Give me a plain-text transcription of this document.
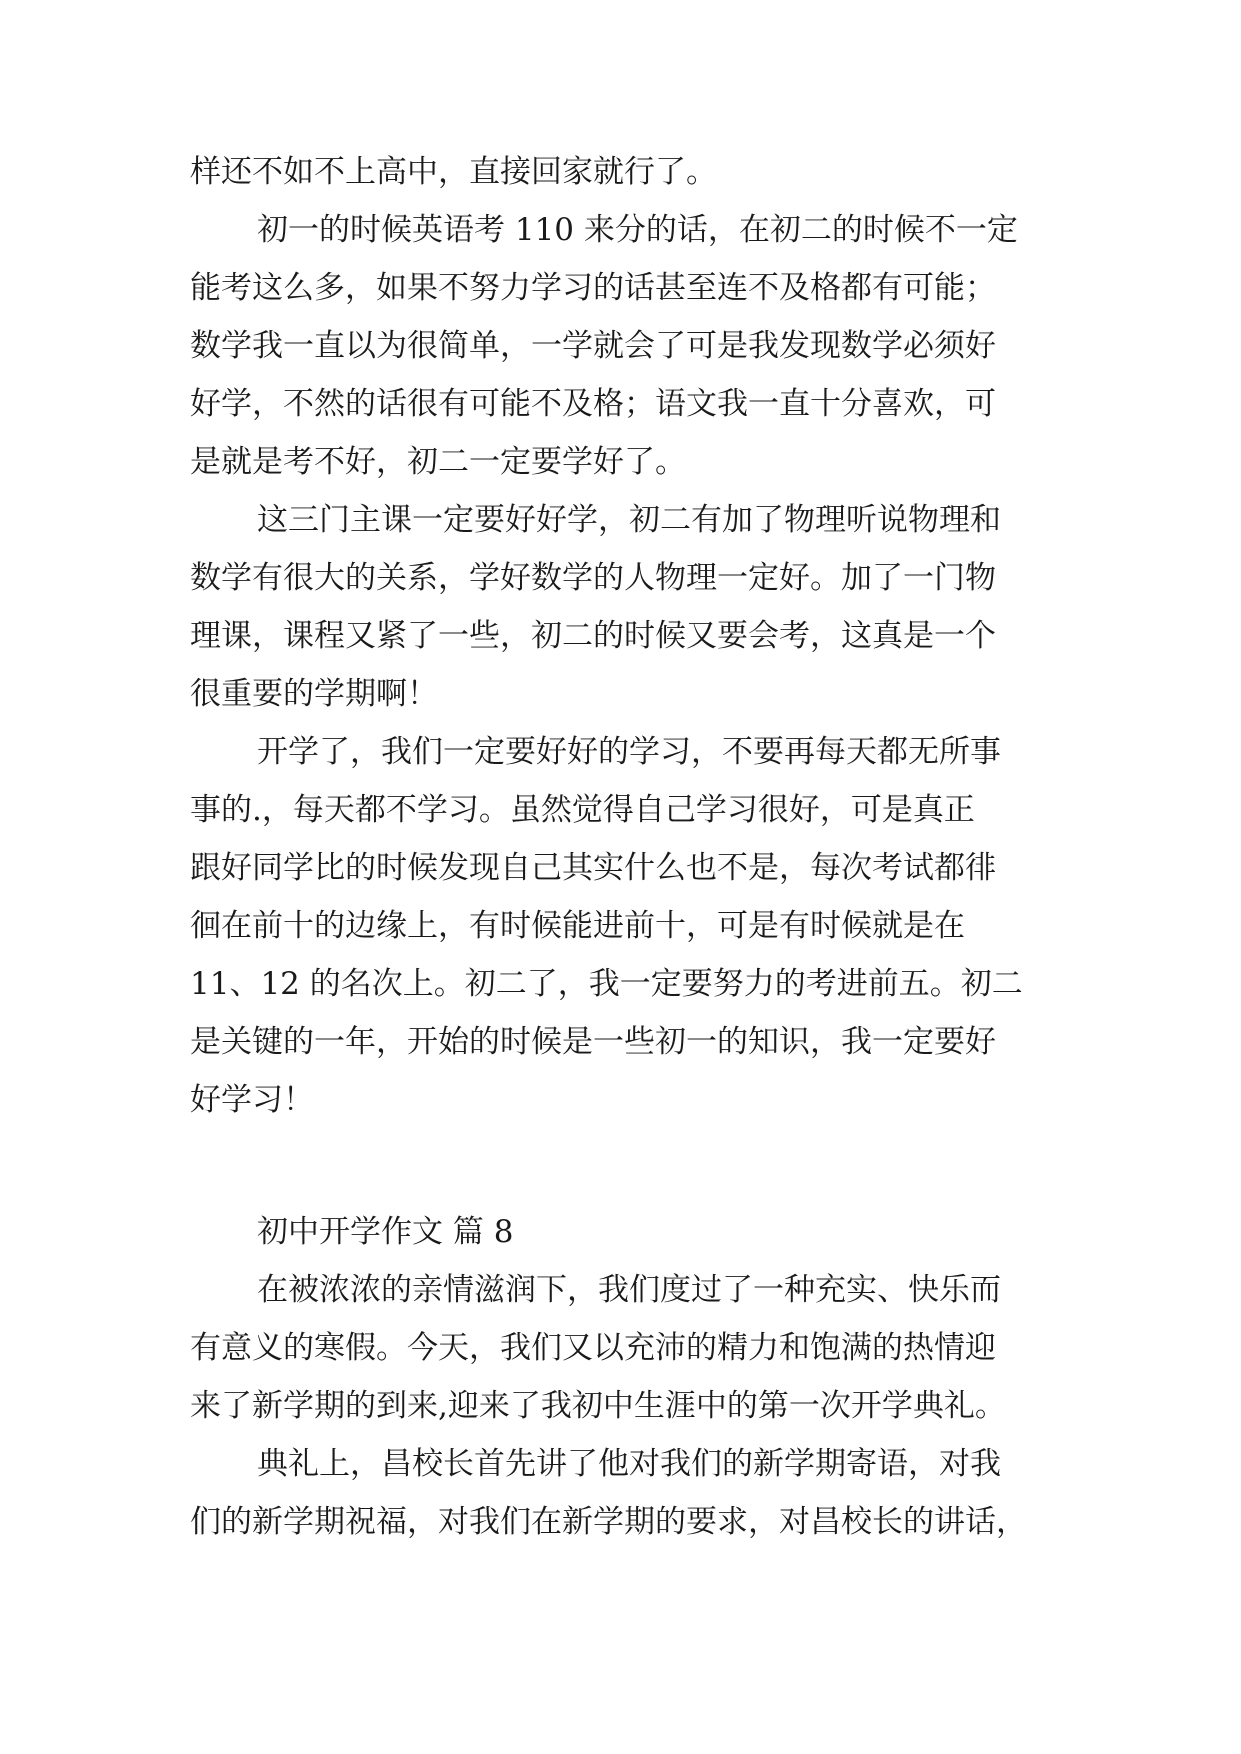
样还不如不上高中，直接回家就行了。
初一的时候英语考 110 来分的话，在初二的时候不一定
能考这么多，如果不努力学习的话甚至连不及格都有可能；
数学我一直以为很简单，一学就会了可是我发现数学必须好
好学，不然的话很有可能不及格；语文我一直十分喜欢，可
是就是考不好，初二一定要学好了。
这三门主课一定要好好学，初二有加了物理听说物理和
数学有很大的关系，学好数学的人物理一定好。加了一门物
理课，课程又紧了一些，初二的时候又要会考，这真是一个
很重要的学期啊！
开学了，我们一定要好好的学习，不要再每天都无所事
事的.，每天都不学习。虽然觉得自己学习很好，可是真正
跟好同学比的时候发现自己其实什么也不是，每次考试都徘
徊在前十的边缘上，有时候能进前十，可是有时候就是在
11、12 的名次上。初二了，我一定要努力的考进前五。初二
是关键的一年，开始的时候是一些初一的知识，我一定要好
好学习！
初中开学作文 篇 8
在被浓浓的亲情滋润下，我们度过了一种充实、快乐而
有意义的寒假。今天，我们又以充沛的精力和饱满的热情迎
来了新学期的到来,迎来了我初中生涯中的第一次开学典礼。
典礼上，昌校长首先讲了他对我们的新学期寄语，对我
们的新学期祝福，对我们在新学期的要求，对昌校长的讲话，
